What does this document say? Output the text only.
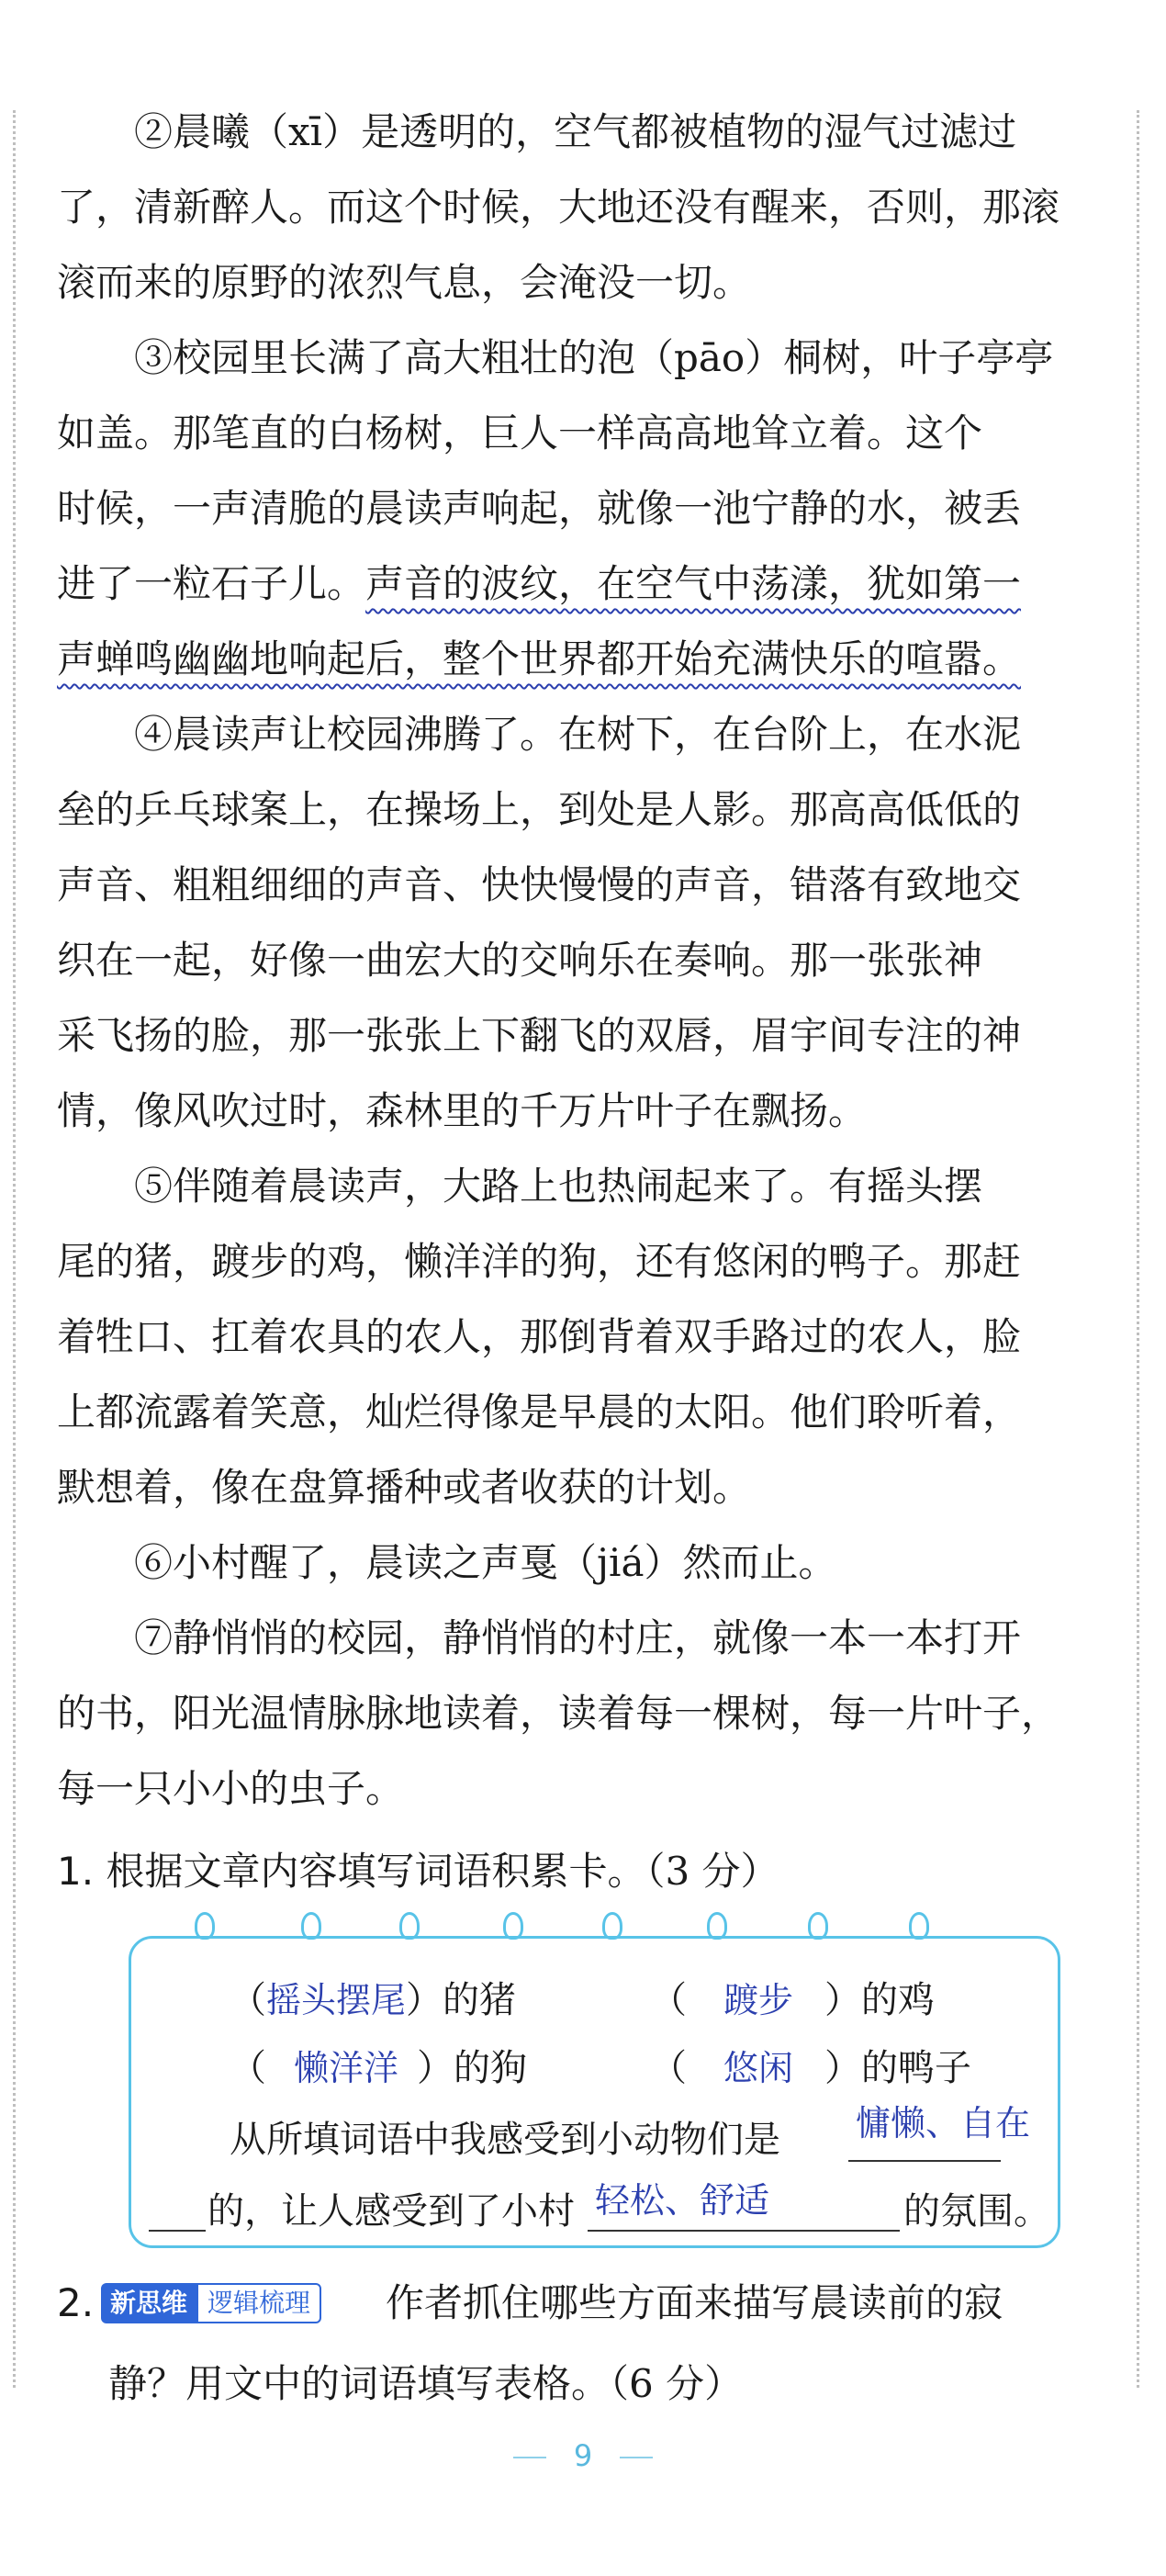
②晨曦（xī）是透明的，空气都被植物的湿气过滤过
了，清新醉人。而这个时候，大地还没有醒来，否则，那滚
滚而来的原野的浓烈气息，会淹没一切。
③校园里长满了高大粗壮的泡（pāo）桐树，叶子亭亭
如盖。那笔直的白杨树，巨人一样高高地耸立着。这个
时候，一声清脆的晨读声响起，就像一池宁静的水，被丢
进了一粒石子儿。声音的波纹，在空气中荡漾，犹如第一
声蝉鸣幽幽地响起后，整个世界都开始充满快乐的喧嚣。
④晨读声让校园沸腾了。在树下，在台阶上，在水泥
垒的乒乓球案上，在操场上，到处是人影。那高高低低的
声音、粗粗细细的声音、快快慢慢的声音，错落有致地交
织在一起，好像一曲宏大的交响乐在奏响。那一张张神
采飞扬的脸，那一张张上下翻飞的双唇，眉宇间专注的神
情，像风吹过时，森林里的千万片叶子在飘扬。
⑤伴随着晨读声，大路上也热闹起来了。有摇头摆
尾的猪，踱步的鸡，懒洋洋的狗，还有悠闲的鸭子。那赶
着牲口、扛着农具的农人，那倒背着双手路过的农人，脸
上都流露着笑意，灿烂得像是早晨的太阳。他们聆听着，
默想着，像在盘算播种或者收获的计划。
⑥小村醒了，晨读之声戛（jiá）然而止。
⑦静悄悄的校园，静悄悄的村庄，就像一本一本打开
的书，阳光温情脉脉地读着，读着每一棵树，每一片叶子，
每一只小小的虫子。
1. 根据文章内容填写词语积累卡。（3 分）
（摇头摆尾）的猪	（ 踱步 ）的鸡
（ 懒洋洋 ）的狗	（ 悠闲 ）的鸭子
从所填词语中我感受到小动物们是 慵懒、自在
的，让人感受到了小村 轻松、舒适	的氛围。
2. 新思维 逻辑梳理 作者抓住哪些方面来描写晨读前的寂
静？用文中的词语填写表格。（6 分）
9
